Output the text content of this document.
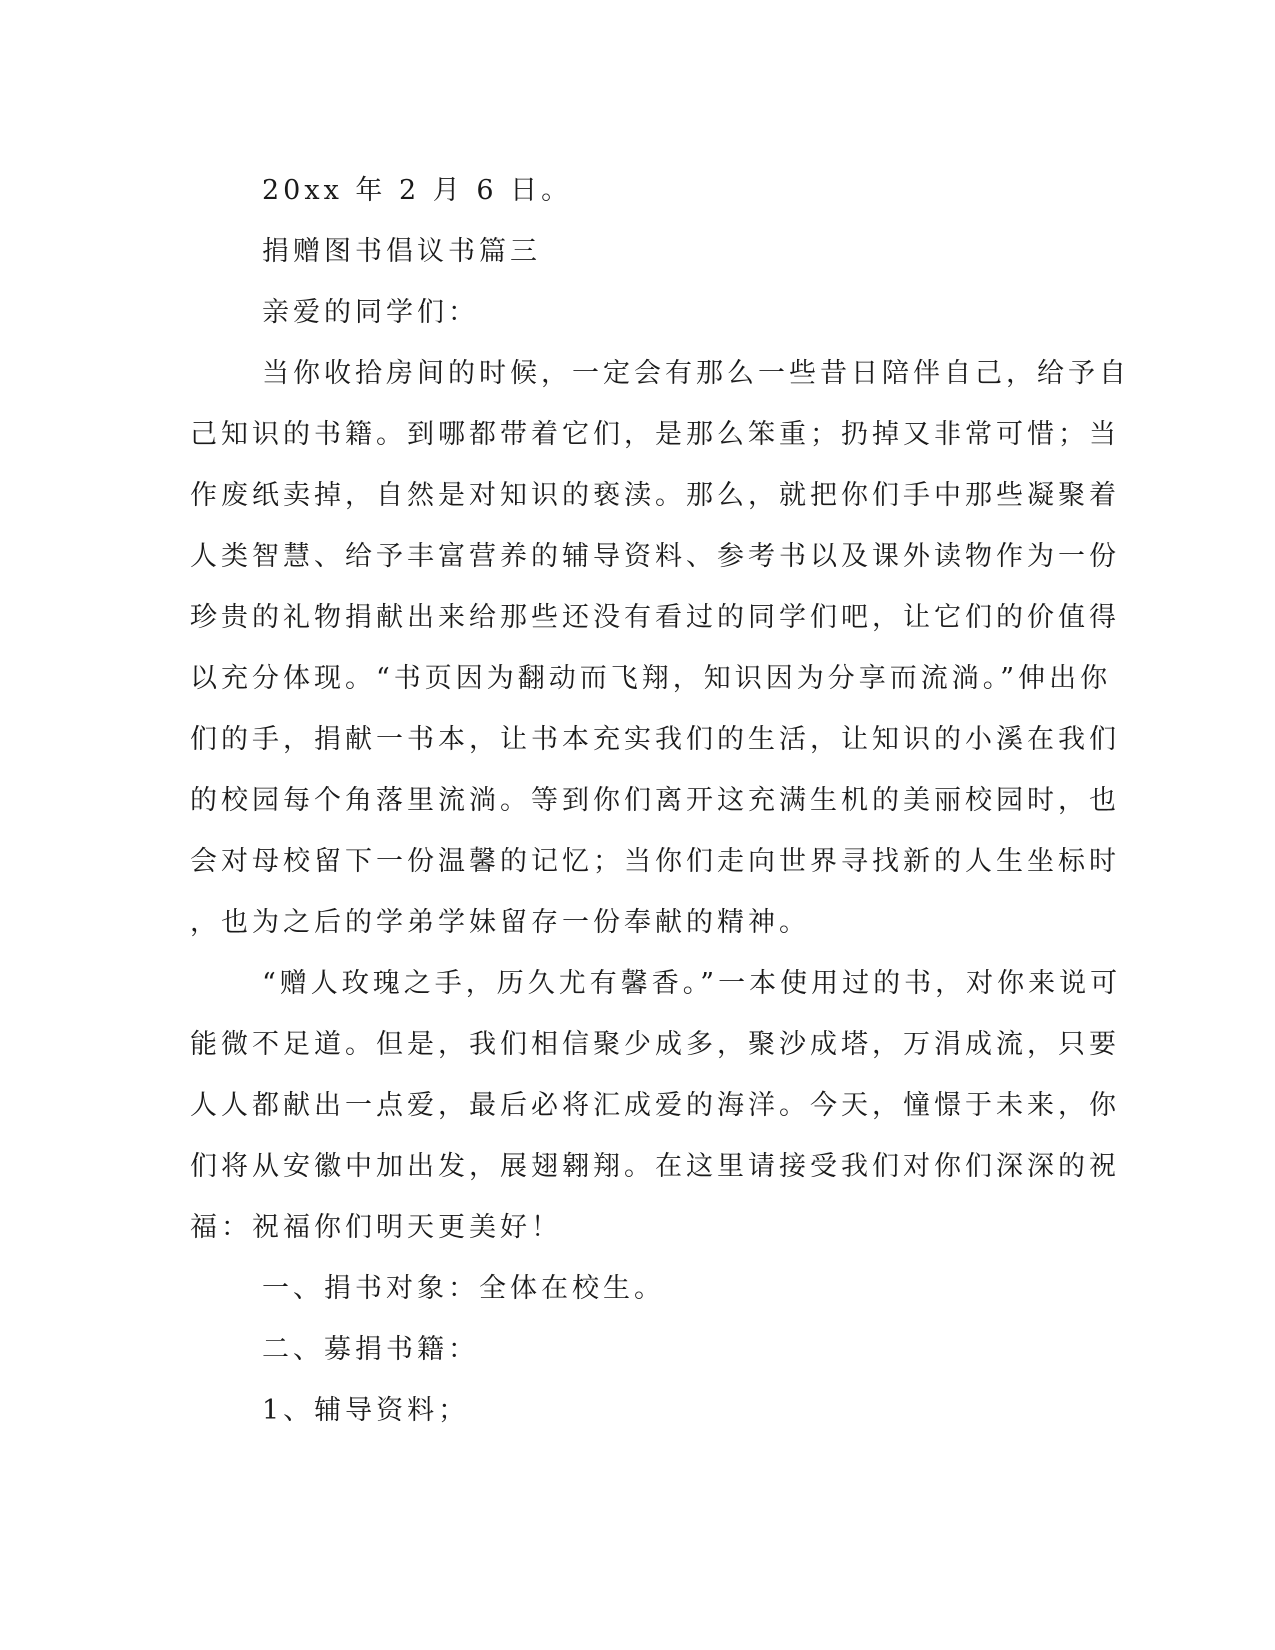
20xx 年 2 月 6 日。

捐赠图书倡议书篇三

亲爱的同学们：

当你收拾房间的时候，一定会有那么一些昔日陪伴自己，给予自

己知识的书籍。到哪都带着它们，是那么笨重；扔掉又非常可惜；当

作废纸卖掉，自然是对知识的亵渎。那么，就把你们手中那些凝聚着

人类智慧、给予丰富营养的辅导资料、参考书以及课外读物作为一份

珍贵的礼物捐献出来给那些还没有看过的同学们吧，让它们的价值得

以充分体现。“书页因为翻动而飞翔，知识因为分享而流淌。”伸出你

们的手，捐献一书本，让书本充实我们的生活，让知识的小溪在我们

的校园每个角落里流淌。等到你们离开这充满生机的美丽校园时，也

会对母校留下一份温馨的记忆；当你们走向世界寻找新的人生坐标时

，也为之后的学弟学妹留存一份奉献的精神。

“赠人玫瑰之手，历久尤有馨香。”一本使用过的书，对你来说可

能微不足道。但是，我们相信聚少成多，聚沙成塔，万涓成流，只要

人人都献出一点爱，最后必将汇成爱的海洋。今天，憧憬于未来，你

们将从安徽中加出发，展翅翱翔。在这里请接受我们对你们深深的祝

福：祝福你们明天更美好！

一、捐书对象：全体在校生。

二、募捐书籍：

1、辅导资料；
